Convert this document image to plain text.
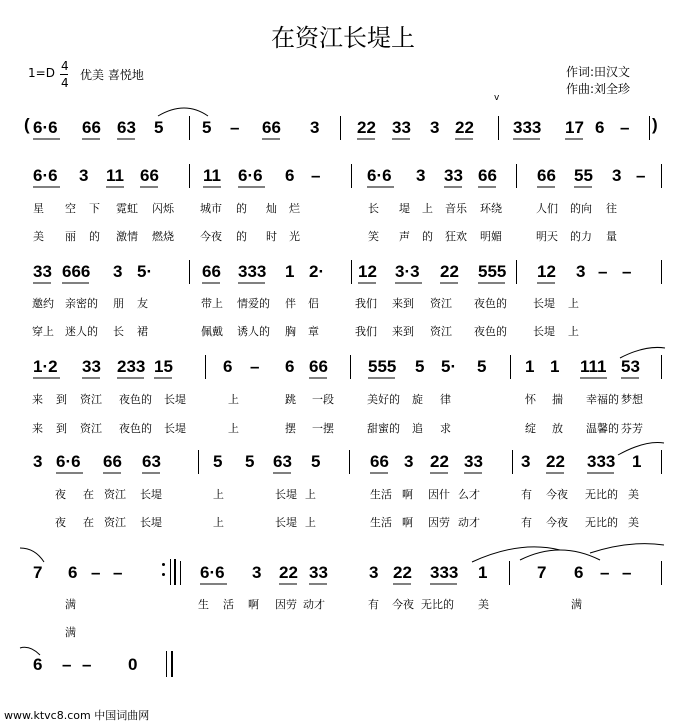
在资江长堤上
1=D 4
4
优美 喜悦地	作词:田汉文
作曲:刘全珍
v
6·6 66 63 5 5 – 66 3 22 33 3 22 333 17 6 –
6·6 3 11 66	11 6·6 6 –	6·6 3 33 66 66 55 3 –
星 空 下 霓虹 闪烁 城市 的 灿 烂	长 堤 上 音乐 环绕	人们 的向 往
美 丽 的 激情 燃烧 今夜 的 时 光	笑 声 的 狂欢 明媚	明天 的力 量
33 666 3 5·	66 333 1 2· 12 3·3 22 555 12 3 – –
邀约 亲密的 朋 友	带上 情爱的 伴 侣	我们 来到 资江 夜色的 长堤 上
穿上 迷人的 长 裙	佩戴 诱人的 胸 章	我们 来到 资江 夜色的 长堤 上
1·2 33 233 15	6 – 6 66 555 5 5· 5 1 1 111 53
来 到 资江 夜色的 长堤	上	跳 一段	美好的 旋 律	怀 揣 幸福的 梦想
来 到 资江 夜色的 长堤	上	摆 一摆	甜蜜的 追 求	绽 放 温馨的 芬芳
3 6·6 66 63	5 5 63 5	66 3 22 33 3 22 333 1
夜 在 资江 长堤	上	长堤 上	生活 啊 因什 么才	有 今夜 无比的 美
夜 在 资江 长堤	上	长堤 上	生活 啊 因劳 动才	有 今夜 无比的 美
7 6 – –	6·6 3 22 33 3 22 333 1	7 6 – –
满	生 活 啊 因劳 动才	有 今夜 无比的 美	满
满
6 – – 0
(	)
www.ktvc8.com 中国词曲网
